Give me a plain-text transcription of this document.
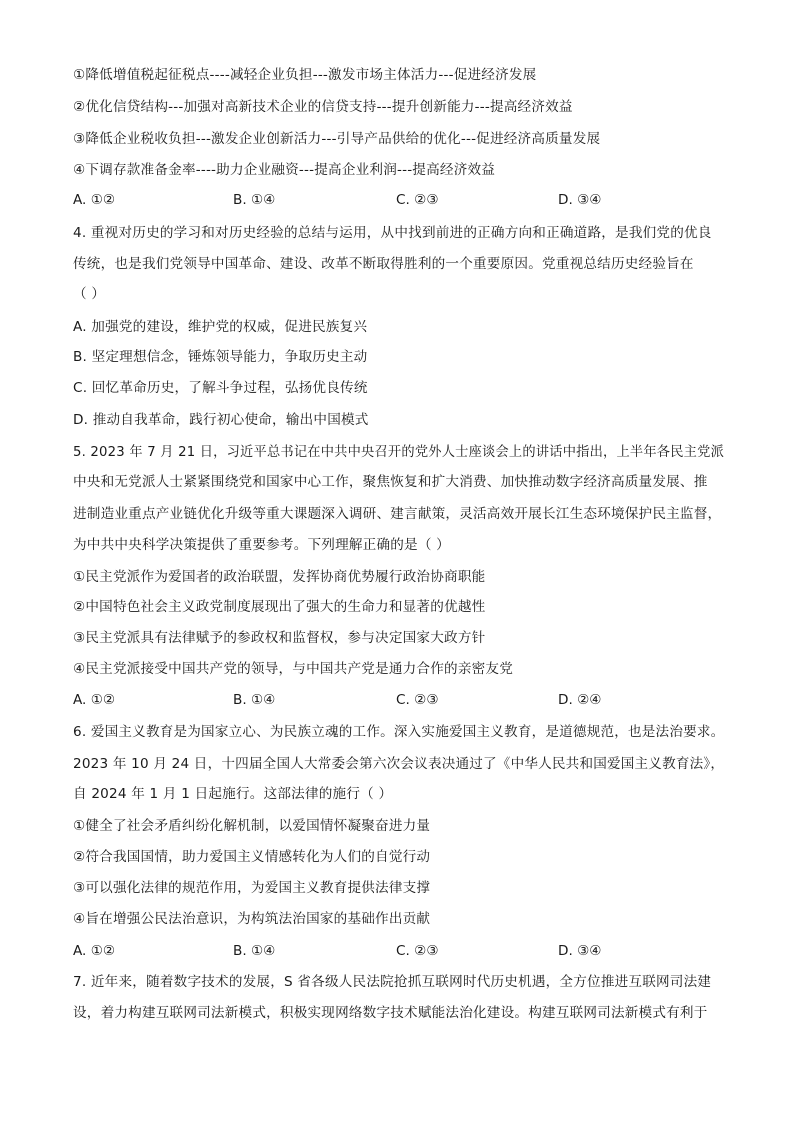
①降低增值税起征税点----减轻企业负担---激发市场主体活力---促进经济发展
②优化信贷结构---加强对高新技术企业的信贷支持---提升创新能力---提高经济效益
③降低企业税收负担---激发企业创新活力---引导产品供给的优化---促进经济高质量发展
④下调存款准备金率----助力企业融资---提高企业利润---提高经济效益
A. ①②	B. ①④	C. ②③	D. ③④
4. 重视对历史的学习和对历史经验的总结与运用，从中找到前进的正确方向和正确道路，是我们党的优良
传统，也是我们党领导中国革命、建设、改革不断取得胜利的一个重要原因。党重视总结历史经验旨在
（ ）
A. 加强党的建设，维护党的权威，促进民族复兴
B. 坚定理想信念，锤炼领导能力，争取历史主动
C. 回忆革命历史，了解斗争过程，弘扬优良传统
D. 推动自我革命，践行初心使命，输出中国模式
5. 2023 年 7 月 21 日，习近平总书记在中共中央召开的党外人士座谈会上的讲话中指出，上半年各民主党派
中央和无党派人士紧紧围绕党和国家中心工作，聚焦恢复和扩大消费、加快推动数字经济高质量发展、推
进制造业重点产业链优化升级等重大课题深入调研、建言献策，灵活高效开展长江生态环境保护民主监督，
为中共中央科学决策提供了重要参考。下列理解正确的是（ ）
①民主党派作为爱国者的政治联盟，发挥协商优势履行政治协商职能
②中国特色社会主义政党制度展现出了强大的生命力和显著的优越性
③民主党派具有法律赋予的参政权和监督权，参与决定国家大政方针
④民主党派接受中国共产党的领导，与中国共产党是通力合作的亲密友党
A. ①②	B. ①④	C. ②③	D. ②④
6. 爱国主义教育是为国家立心、为民族立魂的工作。深入实施爱国主义教育，是道德规范，也是法治要求。
2023 年 10 月 24 日，十四届全国人大常委会第六次会议表决通过了《中华人民共和国爱国主义教育法》，
自 2024 年 1 月 1 日起施行。这部法律的施行（ ）
①健全了社会矛盾纠纷化解机制，以爱国情怀凝聚奋进力量
②符合我国国情，助力爱国主义情感转化为人们的自觉行动
③可以强化法律的规范作用，为爱国主义教育提供法律支撑
④旨在增强公民法治意识，为构筑法治国家的基础作出贡献
A. ①②	B. ①④	C. ②③	D. ③④
7. 近年来，随着数字技术的发展，S 省各级人民法院抢抓互联网时代历史机遇，全方位推进互联网司法建
设，着力构建互联网司法新模式，积极实现网络数字技术赋能法治化建设。构建互联网司法新模式有利于
